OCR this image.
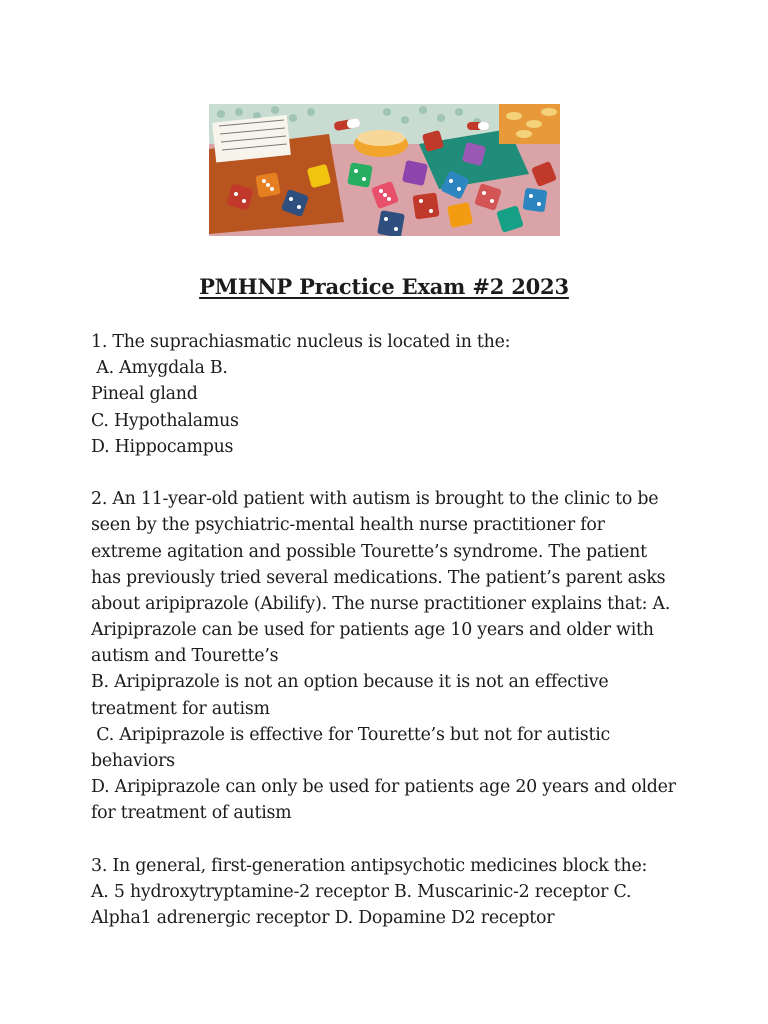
PMHNP Practice Exam #2 2023
1. The suprachiasmatic nucleus is located in the:
A. Amygdala B.
Pineal gland
C. Hypothalamus
D. Hippocampus
2. An 11-year-old patient with autism is brought to the clinic to be
seen by the psychiatric-mental health nurse practitioner for
extreme agitation and possible Tourette’s syndrome. The patient
has previously tried several medications. The patient’s parent asks
about aripiprazole (Abilify). The nurse practitioner explains that: A.
Aripiprazole can be used for patients age 10 years and older with
autism and Tourette’s
B. Aripiprazole is not an option because it is not an effective
treatment for autism
C. Aripiprazole is effective for Tourette’s but not for autistic
behaviors
D. Aripiprazole can only be used for patients age 20 years and older
for treatment of autism
3. In general, first-generation antipsychotic medicines block the:
A. 5 hydroxytryptamine-2 receptor B. Muscarinic-2 receptor C.
Alpha1 adrenergic receptor D. Dopamine D2 receptor
